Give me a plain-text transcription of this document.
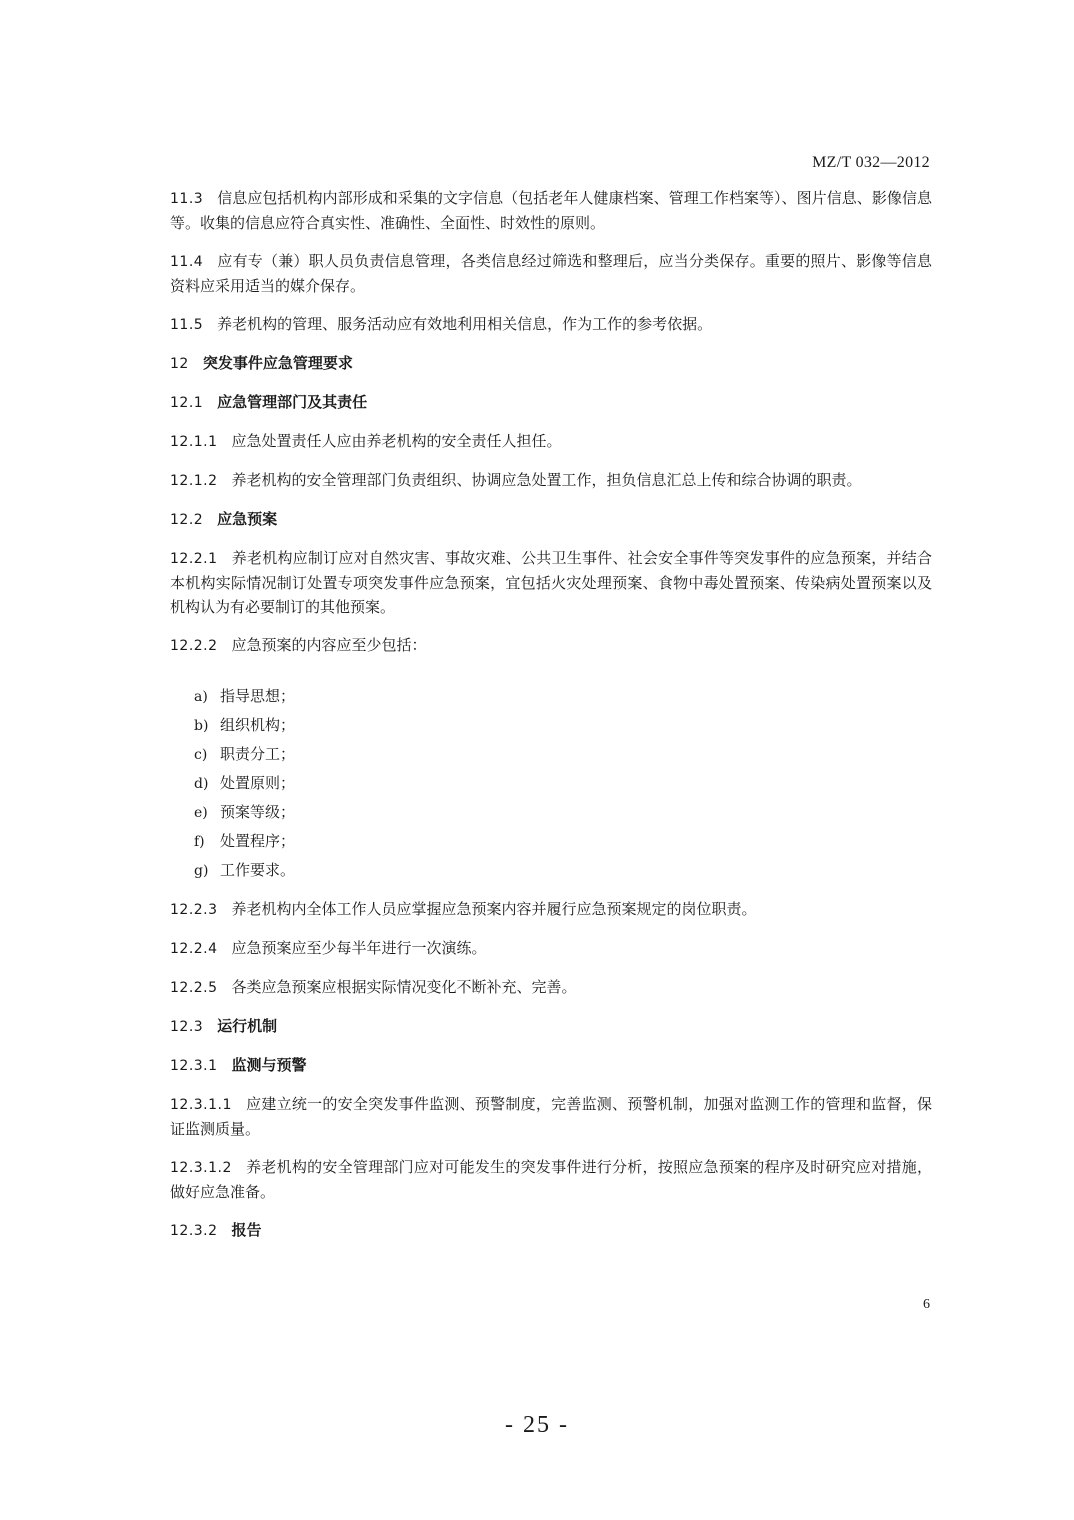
MZ/T 032—2012
11.3 信息应包括机构内部形成和采集的文字信息（包括老年人健康档案、管理工作档案等）、图片信息、影像信息等。收集的信息应符合真实性、准确性、全面性、时效性的原则。
11.4 应有专（兼）职人员负责信息管理，各类信息经过筛选和整理后，应当分类保存。重要的照片、影像等信息资料应采用适当的媒介保存。
11.5 养老机构的管理、服务活动应有效地利用相关信息，作为工作的参考依据。
12 突发事件应急管理要求
12.1 应急管理部门及其责任
12.1.1 应急处置责任人应由养老机构的安全责任人担任。
12.1.2 养老机构的安全管理部门负责组织、协调应急处置工作，担负信息汇总上传和综合协调的职责。
12.2 应急预案
12.2.1 养老机构应制订应对自然灾害、事故灾难、公共卫生事件、社会安全事件等突发事件的应急预案，并结合本机构实际情况制订处置专项突发事件应急预案，宜包括火灾处理预案、食物中毒处置预案、传染病处置预案以及机构认为有必要制订的其他预案。
12.2.2 应急预案的内容应至少包括：
a) 指导思想；
b) 组织机构；
c) 职责分工；
d) 处置原则；
e) 预案等级；
f) 处置程序；
g) 工作要求。
12.2.3 养老机构内全体工作人员应掌握应急预案内容并履行应急预案规定的岗位职责。
12.2.4 应急预案应至少每半年进行一次演练。
12.2.5 各类应急预案应根据实际情况变化不断补充、完善。
12.3 运行机制
12.3.1 监测与预警
12.3.1.1 应建立统一的安全突发事件监测、预警制度，完善监测、预警机制，加强对监测工作的管理和监督，保证监测质量。
12.3.1.2 养老机构的安全管理部门应对可能发生的突发事件进行分析，按照应急预案的程序及时研究应对措施，做好应急准备。
12.3.2 报告
6
- 25 -
